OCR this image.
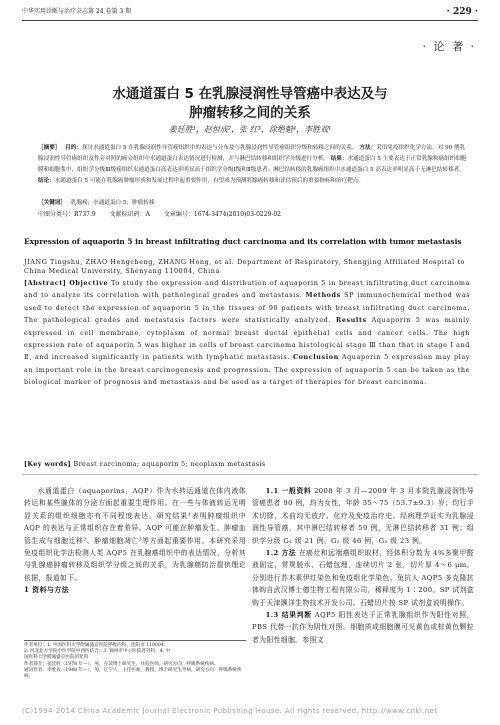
中华实用诊断与治疗杂志第 24 卷第 3 期	· 229 ·
· 论 著 ·
水通道蛋白 5 在乳腺浸润性导管癌中表达及与
肿瘤转移之间的关系
姜廷胜¹，赵恒成²，张 红³，徐绝魁⁴，李胜戏¹
［摘要］ 目的：探讨水通道蛋白 5 在乳腺浸润性导管癌组织中的表达与分布及与乳腺浸润性导管癌组织分级和转移之间的关系。 方法：采用免疫组织化学方法，对 90 例乳腺浸润性导管癌组织及性旁对照的癌旁组织中水通道蛋白表达情况进行检测，并与淋巴结转移和组织学分级进行分析。 结果：水通道蛋白 5 主要表达于正常乳腺和癌组织细胞膜和细胞浆中，组织学分级Ⅲ级癌组织水通道蛋白高表达率明显高于组织学分级Ⅰ级和Ⅱ级患者；淋巴结转移的乳腺癌组织中水通道蛋白 5 高表达率明显高于无淋巴结转移者。 结论：水通道蛋白 5 可能在乳腺癌肿瘤形成和发展过程中起重要作用，有望成为预测乳腺癌转移和评估预后的重要指标和治疗靶点。
［关键词］ 乳腺癌；水通道蛋白 5；肿瘤转移
中图分类号：R737.9 文献标识码：A 文章编号：1674-3474(2010)03-0229-02
Expression of aquaporin 5 in breast infiltrating duct carcinoma and its correlation with tumor metastasis
JIANG Tingshu, ZHAO Hengcheng, ZHANG Hong, et al. Department of Respiratory, Shengjing Affiliated Hospital to China Medical University, Shenyang 110004, China
[Abstract] Objective To study the expression and distribution of aquaporin 5 in breast infiltrating duct carcinoma and to analyze its correlation with pathological grades and metastasis. Methods SP immunochemical method was used to detect the expression of aquaporin 5 in the tissues of 90 patients with breast infiltrating duct carcinoma. The pathological grades and metastasis factors were statistically analyzed. Results Aquaporin 5 was mainly expressed in cell membrane, cytoplasm of normal breast ductal epithelial cells and cancer cells. The high expression rate of aquaporin 5 was higher in cells of breast carcinoma histological stage Ⅲ than that in stage Ⅰ and Ⅱ, and increased significantly in patients with lymphatic metastasis. Conclusion Aquaporin 5 expression may play an important role in the breast carcinogenesis and progression. The expression of aquaporin 5 can be taken as the biological marker of prognosis and metastasis and be used as a target of therapies for breast carcinoma.
[Key words] Breast carcinoma; aquaporin 5; neoplasm metastasis

水通道蛋白（aquaporins，AQP）作为水转运通道在体内液体转运和某些腺体的分泌方面起重要生理作用。在一些与体液转运无明显关系的组织细胞亦有不同程度表达。研究结果¹表明肿瘤组织中 AQP 的表达与正常组织存在着差异。AQP 可能在肿瘤发生、肿瘤血管生成与细胞迁移²、肿瘤细胞凋亡³等方面起重要作用。本研究采用免疫组织化学法检测人类 AQP5 在乳腺癌组织中的表达情况，分析其与乳腺癌肿瘤转移及组织学分级之间的关系，为乳腺癌防治提供理论依据，报道如下。

1 资料与方法
作者单位：1. 中国医科大学附属盛京医院呼吸内科，沈阳市 110004；
2. 河北北方学院中医学院中西医结合；3. 锦州市中心医院普外科；4. 中
国医科大学附属盛京医院消化科
作者简介：姜廷胜（1978 年—），男，在读博士研究生，住院医师，研究方向：呼吸系统疾病。
通讯作者：李胜戏（1948 年—），男，辽宁人，主任医师，教授，博士研究生导师，研究方向：呼吸系统疾病。

1.1 一般资料 2008 年 3 月—2009 年 3 月本院乳腺浸润性导管癌患者 90 例，均为女性，年龄 35～75（53.7±9.3）岁；均行手术切除，术前均无放疗、化疗及免疫治疗史。经病理学证实为乳腺浸润性导管癌，其中淋巴结转移者 59 例，无淋巴结转移者 31 例；组织学分级 G₁ 级 21 例，G₂ 级 46 例，G₃ 级 23 例。

1.2 方法 在癌灶和远端癌组织取材，经体积分数为 4%多聚甲醛液固定，常规脱水、石蜡包埋，连续切片 2 张，切片厚 4～6 μm。分别进行苏木素伊红染色和免疫组化学染色。兔抗人 AQP5 多克隆抗体购自武汉博士德生物工程有限公司，稀释度为 1∶200。SP 试剂盒购于天津灏洋生物技术开发公司。石蜡切片按 SP 试剂盒说明操作。

1.3 结果判断 AQP5 阳性表达于正常乳腺组织作为阳性对照，PBS 代替一抗作为阴性对照。细胞质或细胞膜可见黄色或棕黄色颗粒者为阳性细胞。参照文

(C)1994-2014 China Academic Journal Electronic Publishing House. All rights reserved. http://www.cnki.net
